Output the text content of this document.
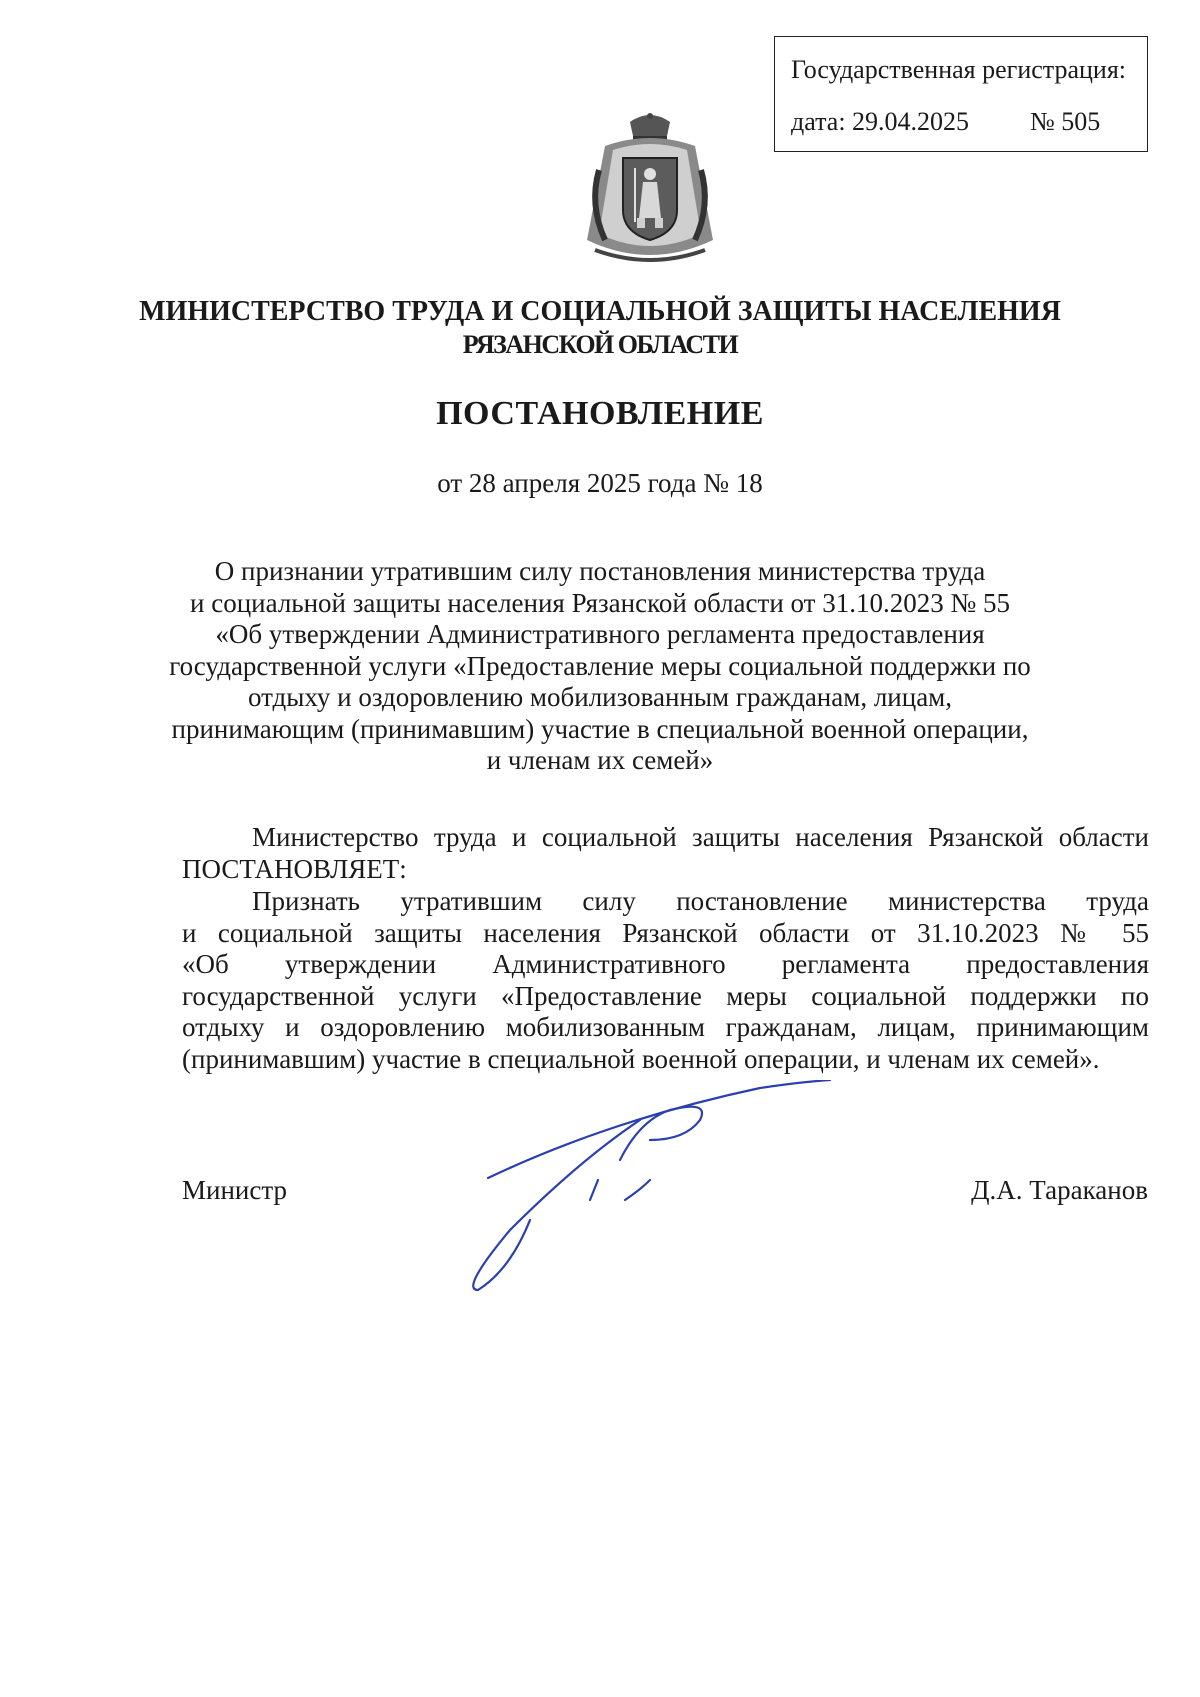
Государственная регистрация:
дата: 29.04.2025 № 505
МИНИСТЕРСТВО ТРУДА И СОЦИАЛЬНОЙ ЗАЩИТЫ НАСЕЛЕНИЯ
РЯЗАНСКОЙ ОБЛАСТИ
ПОСТАНОВЛЕНИЕ
от 28 апреля 2025 года № 18
О признании утратившим силу постановления министерства труда
и социальной защиты населения Рязанской области от 31.10.2023 № 55
«Об утверждении Административного регламента предоставления
государственной услуги «Предоставление меры социальной поддержки по
отдыху и оздоровлению мобилизованным гражданам, лицам,
принимающим (принимавшим) участие в специальной военной операции,
и членам их семей»
Министерство труда и социальной защиты населения Рязанской области ПОСТАНОВЛЯЕТ:
Признать утратившим силу постановление министерства труда
и социальной защиты населения Рязанской области от 31.10.2023 № 55
«Об утверждении Административного регламента предоставления
государственной услуги «Предоставление меры социальной поддержки по
отдыху и оздоровлению мобилизованным гражданам, лицам, принимающим
(принимавшим) участие в специальной военной операции, и членам их семей».
Министр	Д.А. Тараканов
